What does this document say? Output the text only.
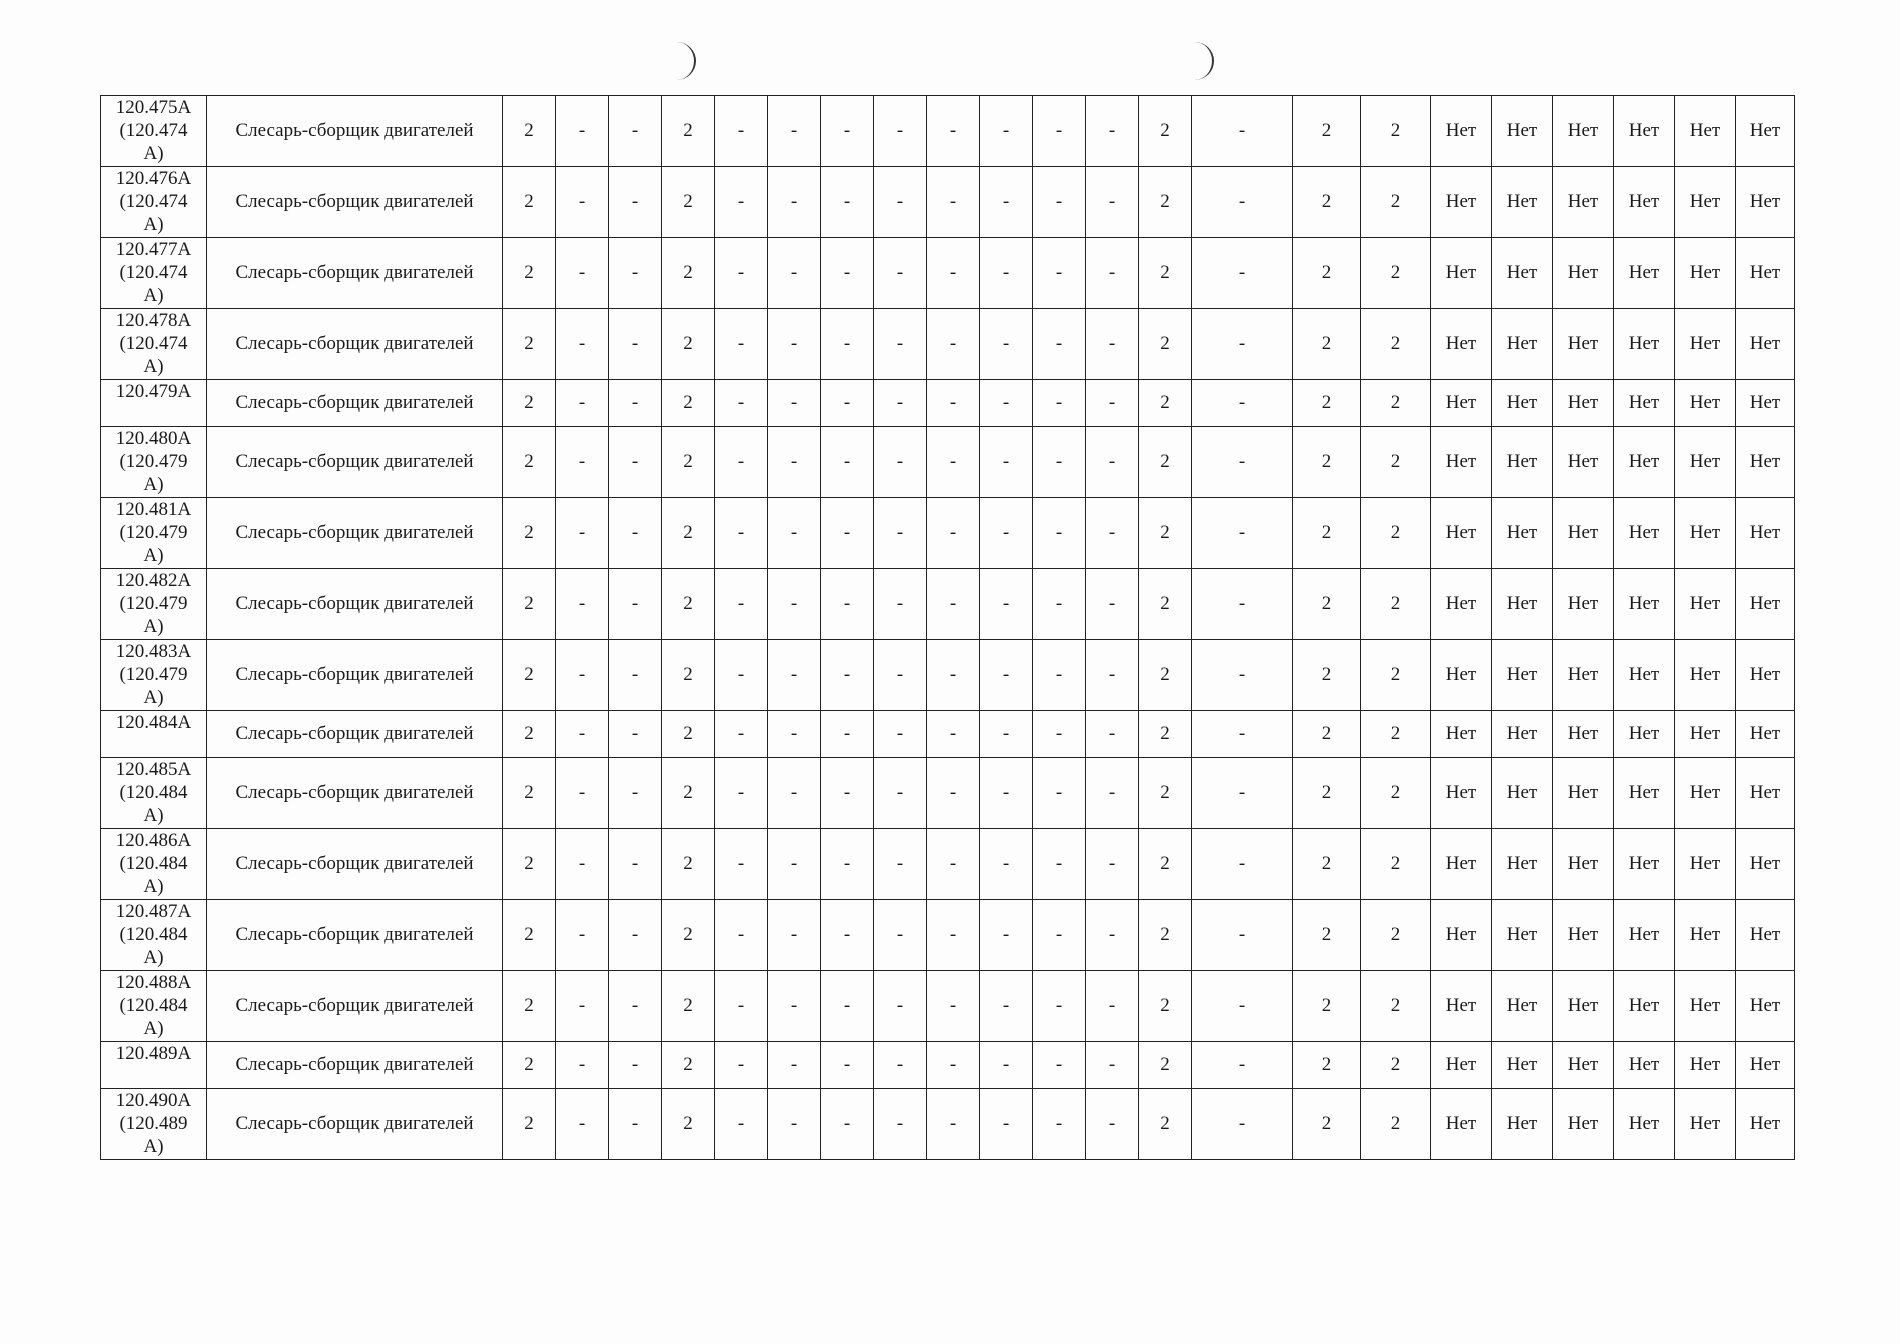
120.475А
(120.474
А)	Слесарь-сборщик двигателей	2	-	-	2	-	-	-	-	-	-	-	-	2	-	2	2	Нет	Нет	Нет	Нет	Нет	Нет

120.476А
(120.474
А)	Слесарь-сборщик двигателей	2	-	-	2	-	-	-	-	-	-	-	-	2	-	2	2	Нет	Нет	Нет	Нет	Нет	Нет

120.477А
(120.474
А)	Слесарь-сборщик двигателей	2	-	-	2	-	-	-	-	-	-	-	-	2	-	2	2	Нет	Нет	Нет	Нет	Нет	Нет

120.478А
(120.474
А)	Слесарь-сборщик двигателей	2	-	-	2	-	-	-	-	-	-	-	-	2	-	2	2	Нет	Нет	Нет	Нет	Нет	Нет

120.479А	Слесарь-сборщик двигателей	2	-	-	2	-	-	-	-	-	-	-	-	2	-	2	2	Нет	Нет	Нет	Нет	Нет	Нет

120.480А
(120.479
А)	Слесарь-сборщик двигателей	2	-	-	2	-	-	-	-	-	-	-	-	2	-	2	2	Нет	Нет	Нет	Нет	Нет	Нет

120.481А
(120.479
А)	Слесарь-сборщик двигателей	2	-	-	2	-	-	-	-	-	-	-	-	2	-	2	2	Нет	Нет	Нет	Нет	Нет	Нет

120.482А
(120.479
А)	Слесарь-сборщик двигателей	2	-	-	2	-	-	-	-	-	-	-	-	2	-	2	2	Нет	Нет	Нет	Нет	Нет	Нет

120.483А
(120.479
А)	Слесарь-сборщик двигателей	2	-	-	2	-	-	-	-	-	-	-	-	2	-	2	2	Нет	Нет	Нет	Нет	Нет	Нет

120.484А	Слесарь-сборщик двигателей	2	-	-	2	-	-	-	-	-	-	-	-	2	-	2	2	Нет	Нет	Нет	Нет	Нет	Нет

120.485А
(120.484
А)	Слесарь-сборщик двигателей	2	-	-	2	-	-	-	-	-	-	-	-	2	-	2	2	Нет	Нет	Нет	Нет	Нет	Нет

120.486А
(120.484
А)	Слесарь-сборщик двигателей	2	-	-	2	-	-	-	-	-	-	-	-	2	-	2	2	Нет	Нет	Нет	Нет	Нет	Нет

120.487А
(120.484
А)	Слесарь-сборщик двигателей	2	-	-	2	-	-	-	-	-	-	-	-	2	-	2	2	Нет	Нет	Нет	Нет	Нет	Нет

120.488А
(120.484
А)	Слесарь-сборщик двигателей	2	-	-	2	-	-	-	-	-	-	-	-	2	-	2	2	Нет	Нет	Нет	Нет	Нет	Нет

120.489А	Слесарь-сборщик двигателей	2	-	-	2	-	-	-	-	-	-	-	-	2	-	2	2	Нет	Нет	Нет	Нет	Нет	Нет

120.490А
(120.489
А)	Слесарь-сборщик двигателей	2	-	-	2	-	-	-	-	-	-	-	-	2	-	2	2	Нет	Нет	Нет	Нет	Нет	Нет
